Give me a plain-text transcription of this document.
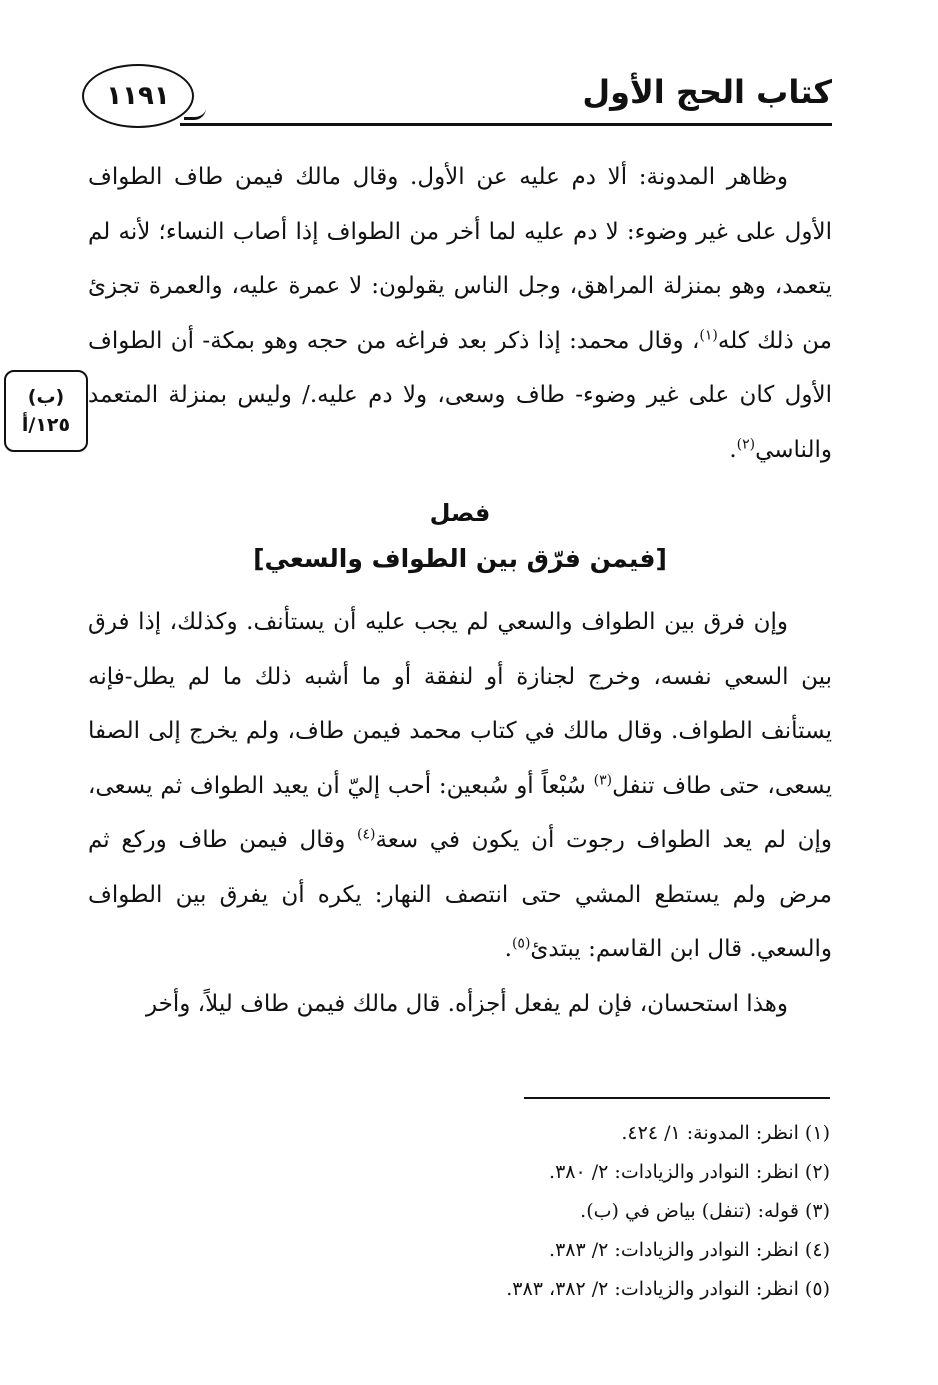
كتاب الحج الأول
١١٩١
(ب)
١٢٥/أ

وظاهر المدونة: ألا دم عليه عن الأول. وقال مالك فيمن طاف الطواف الأول على غير وضوء: لا دم عليه لما أخر من الطواف إذا أصاب النساء؛ لأنه لم يتعمد، وهو بمنزلة المراهق، وجل الناس يقولون: لا عمرة عليه، والعمرة تجزئ من ذلك كله$^{(١)}$، وقال محمد: إذا ذكر بعد فراغه من حجه وهو بمكة- أن الطواف الأول كان على غير وضوء- طاف وسعى، ولا دم عليه./ وليس بمنزلة المتعمد والناسي$^{(٢)}$.

فصل
[فيمن فرّق بين الطواف والسعي]

وإن فرق بين الطواف والسعي لم يجب عليه أن يستأنف. وكذلك، إذا فرق بين السعي نفسه، وخرج لجنازة أو لنفقة أو ما أشبه ذلك ما لم يطل-فإنه يستأنف الطواف. وقال مالك في كتاب محمد فيمن طاف، ولم يخرج إلى الصفا يسعى، حتى طاف تنفل$^{(٣)}$ سُبْعاً أو سُبعين: أحب إليّ أن يعيد الطواف ثم يسعى، وإن لم يعد الطواف رجوت أن يكون في سعة$^{(٤)}$ وقال فيمن طاف وركع ثم مرض ولم يستطع المشي حتى انتصف النهار: يكره أن يفرق بين الطواف والسعي. قال ابن القاسم: يبتدئ$^{(٥)}$.

وهذا استحسان، فإن لم يفعل أجزأه. قال مالك فيمن طاف ليلاً، وأخر

(١) انظر: المدونة: ١/ ٤٢٤.

(٢) انظر: النوادر والزيادات: ٢/ ٣٨٠.

(٣) قوله: (تنفل) بياض في (ب).

(٤) انظر: النوادر والزيادات: ٢/ ٣٨٣.

(٥) انظر: النوادر والزيادات: ٢/ ٣٨٢، ٣٨٣.
